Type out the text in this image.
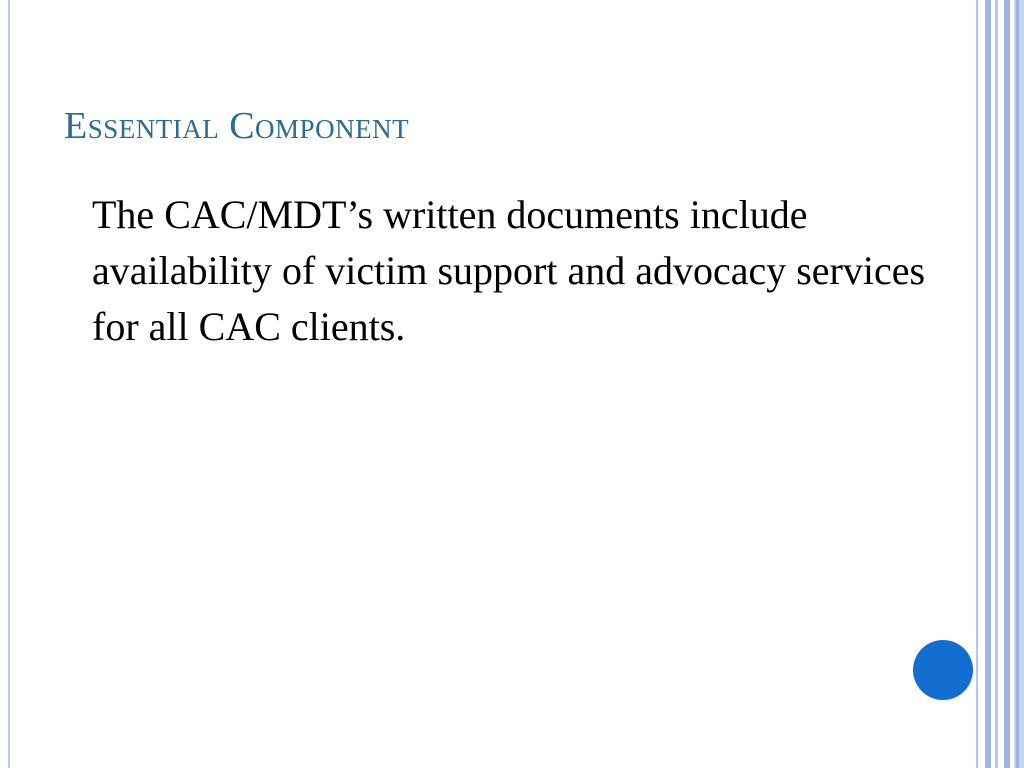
Essential Component

The CAC/MDT’s written documents include availability of victim support and advocacy services for all CAC clients.
